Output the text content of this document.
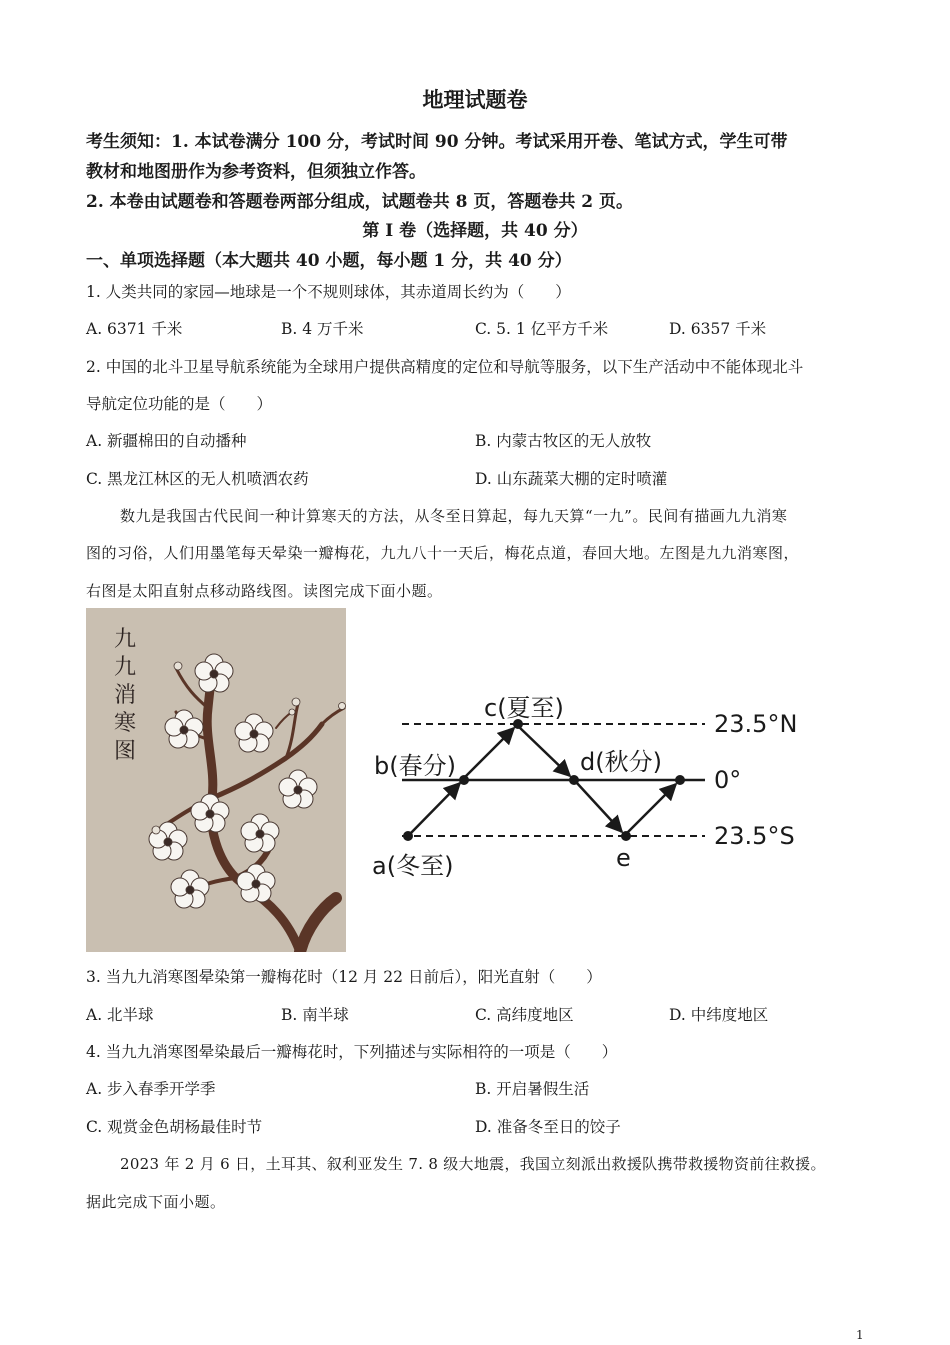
地理试题卷
考生须知：1. 本试卷满分 100 分，考试时间 90 分钟。考试采用开卷、笔试方式，学生可带
教材和地图册作为参考资料，但须独立作答。
2. 本卷由试题卷和答题卷两部分组成，试题卷共 8 页，答题卷共 2 页。
第 I 卷（选择题，共 40 分）
一、单项选择题（本大题共 40 小题，每小题 1 分，共 40 分）
1. 人类共同的家园—地球是一个不规则球体，其赤道周长约为（　　）
A. 6371 千米	B. 4 万千米	C. 5. 1 亿平方千米	D. 6357 千米
2. 中国的北斗卫星导航系统能为全球用户提供高精度的定位和导航等服务，以下生产活动中不能体现北斗
导航定位功能的是（　　）
A. 新疆棉田的自动播种	B. 内蒙古牧区的无人放牧
C. 黑龙江林区的无人机喷洒农药	D. 山东蔬菜大棚的定时喷灌
数九是我国古代民间一种计算寒天的方法，从冬至日算起，每九天算“一九”。民间有描画九九消寒
图的习俗，人们用墨笔每天晕染一瓣梅花，九九八十一天后，梅花点道，春回大地。左图是九九消寒图，
右图是太阳直射点移动路线图。读图完成下面小题。
九
九
消
寒
图
c(夏至)
b(春分)	d(秋分)
a(冬至)	e
23.5°N
0°
23.5°S
3. 当九九消寒图晕染第一瓣梅花时（12 月 22 日前后），阳光直射（　　）
A. 北半球	B. 南半球	C. 高纬度地区	D. 中纬度地区
4. 当九九消寒图晕染最后一瓣梅花时，下列描述与实际相符的一项是（　　）
A. 步入春季开学季	B. 开启暑假生活
C. 观赏金色胡杨最佳时节	D. 准备冬至日的饺子
2023 年 2 月 6 日，土耳其、叙利亚发生 7. 8 级大地震，我国立刻派出救援队携带救援物资前往救援。
据此完成下面小题。
1
